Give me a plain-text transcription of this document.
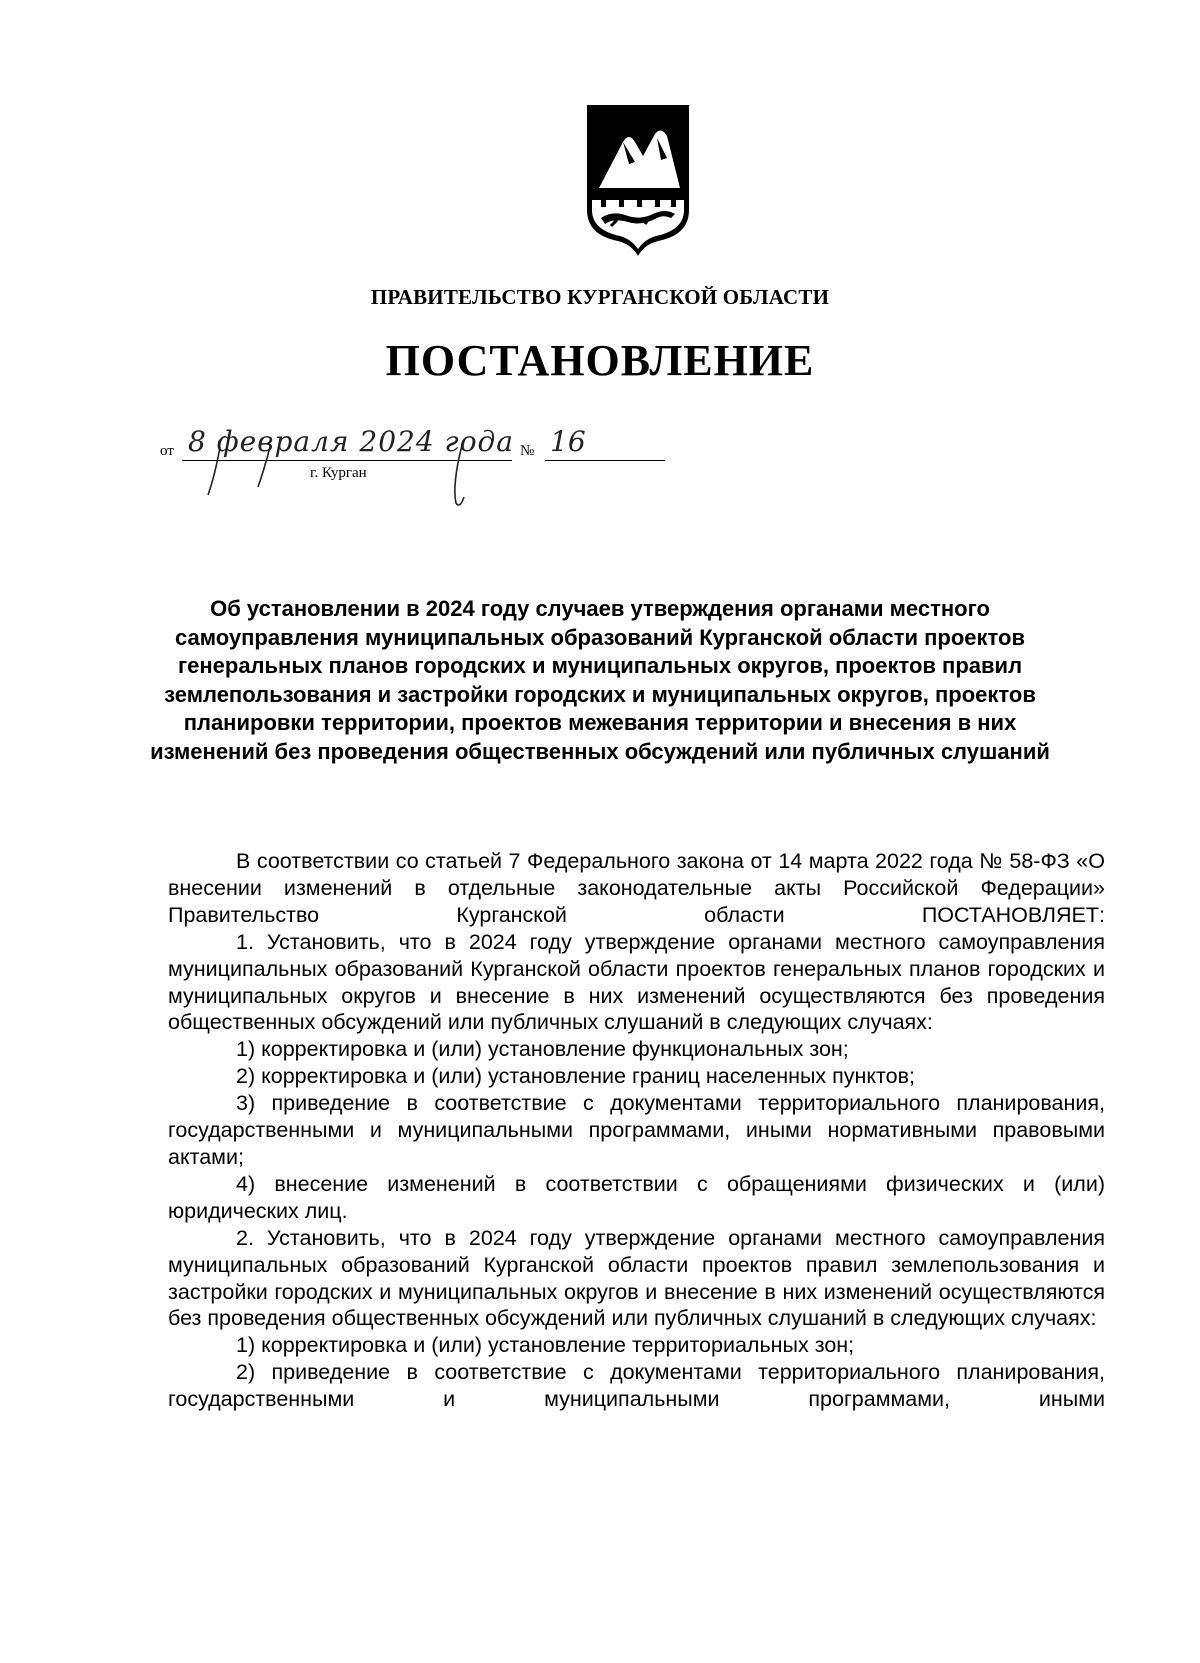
ПРАВИТЕЛЬСТВО КУРГАНСКОЙ ОБЛАСТИ
ПОСТАНОВЛЕНИЕ
от 8 февраля 2024 года № 16
г. Курган
Об установлении в 2024 году случаев утверждения органами местного самоуправления муниципальных образований Курганской области проектов генеральных планов городских и муниципальных округов, проектов правил землепользования и застройки городских и муниципальных округов, проектов планировки территории, проектов межевания территории и внесения в них изменений без проведения общественных обсуждений или публичных слушаний

В соответствии со статьей 7 Федерального закона от 14 марта 2022 года № 58-ФЗ «О внесении изменений в отдельные законодательные акты Российской Федерации» Правительство Курганской области ПОСТАНОВЛЯЕТ:

1. Установить, что в 2024 году утверждение органами местного самоуправления муниципальных образований Курганской области проектов генеральных планов городских и муниципальных округов и внесение в них изменений осуществляются без проведения общественных обсуждений или публичных слушаний в следующих случаях:

1) корректировка и (или) установление функциональных зон;

2) корректировка и (или) установление границ населенных пунктов;

3) приведение в соответствие с документами территориального планирования, государственными и муниципальными программами, иными нормативными правовыми актами;

4) внесение изменений в соответствии с обращениями физических и (или) юридических лиц.

2. Установить, что в 2024 году утверждение органами местного самоуправления муниципальных образований Курганской области проектов правил землепользования и застройки городских и муниципальных округов и внесение в них изменений осуществляются без проведения общественных обсуждений или публичных слушаний в следующих случаях:

1) корректировка и (или) установление территориальных зон;

2) приведение в соответствие с документами территориального планирования, государственными и муниципальными программами, иными
